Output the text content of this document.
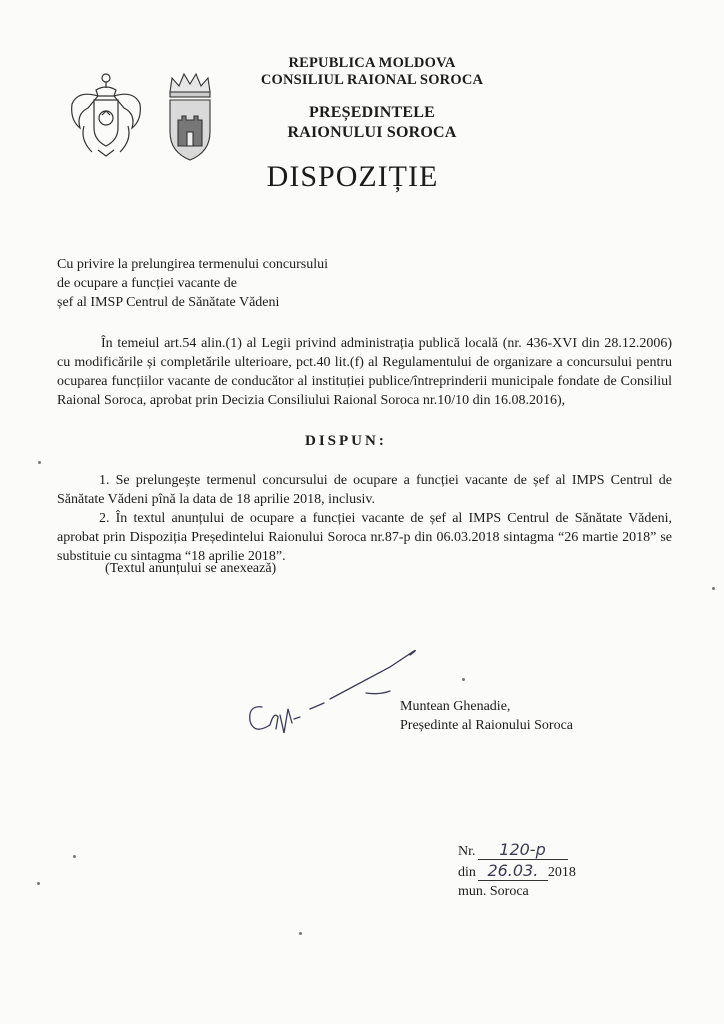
REPUBLICA MOLDOVA
CONSILIUL RAIONAL SOROCA
PREȘEDINTELE
RAIONULUI SOROCA
DISPOZIȚIE
Cu privire la prelungirea termenului concursului
de ocupare a funcției vacante de
șef al IMSP Centrul de Sănătate Vădeni
În temeiul art.54 alin.(1) al Legii privind administrația publică locală (nr. 436-XVI din 28.12.2006) cu modificările și completările ulterioare, pct.40 lit.(f) al Regulamentului de organizare a concursului pentru ocuparea funcțiilor vacante de conducător al instituției publice/întreprinderii municipale fondate de Consiliul Raional Soroca, aprobat prin Decizia Consiliului Raional Soroca nr.10/10 din 16.08.2016),
DISPUN:

1. Se prelungește termenul concursului de ocupare a funcției vacante de șef al IMPS Centrul de Sănătate Vădeni pînă la data de 18 aprilie 2018, inclusiv.

2. În textul anunțului de ocupare a funcției vacante de șef al IMPS Centrul de Sănătate Vădeni, aprobat prin Dispoziția Președintelui Raionului Soroca nr.87-p din 06.03.2018 sintagma “26 martie 2018” se substituie cu sintagma “18 aprilie 2018”.

(Textul anunțului se anexează)
Muntean Ghenadie,
Președinte al Raionului Soroca
Nr. 120-p
din 26.03. 2018
mun. Soroca
